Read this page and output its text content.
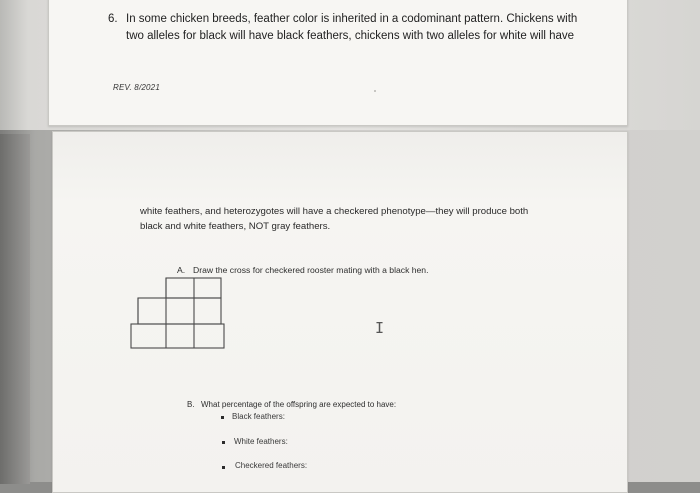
6. In some chicken breeds, feather color is inherited in a codominant pattern. Chickens with
two alleles for black will have black feathers, chickens with two alleles for white will have
REV. 8/2021
white feathers, and heterozygotes will have a checkered phenotype—they will produce both
black and white feathers, NOT gray feathers.
A. Draw the cross for checkered rooster mating with a black hen.
I
B. What percentage of the offspring are expected to have:
Black feathers:
White feathers:
Checkered feathers:
